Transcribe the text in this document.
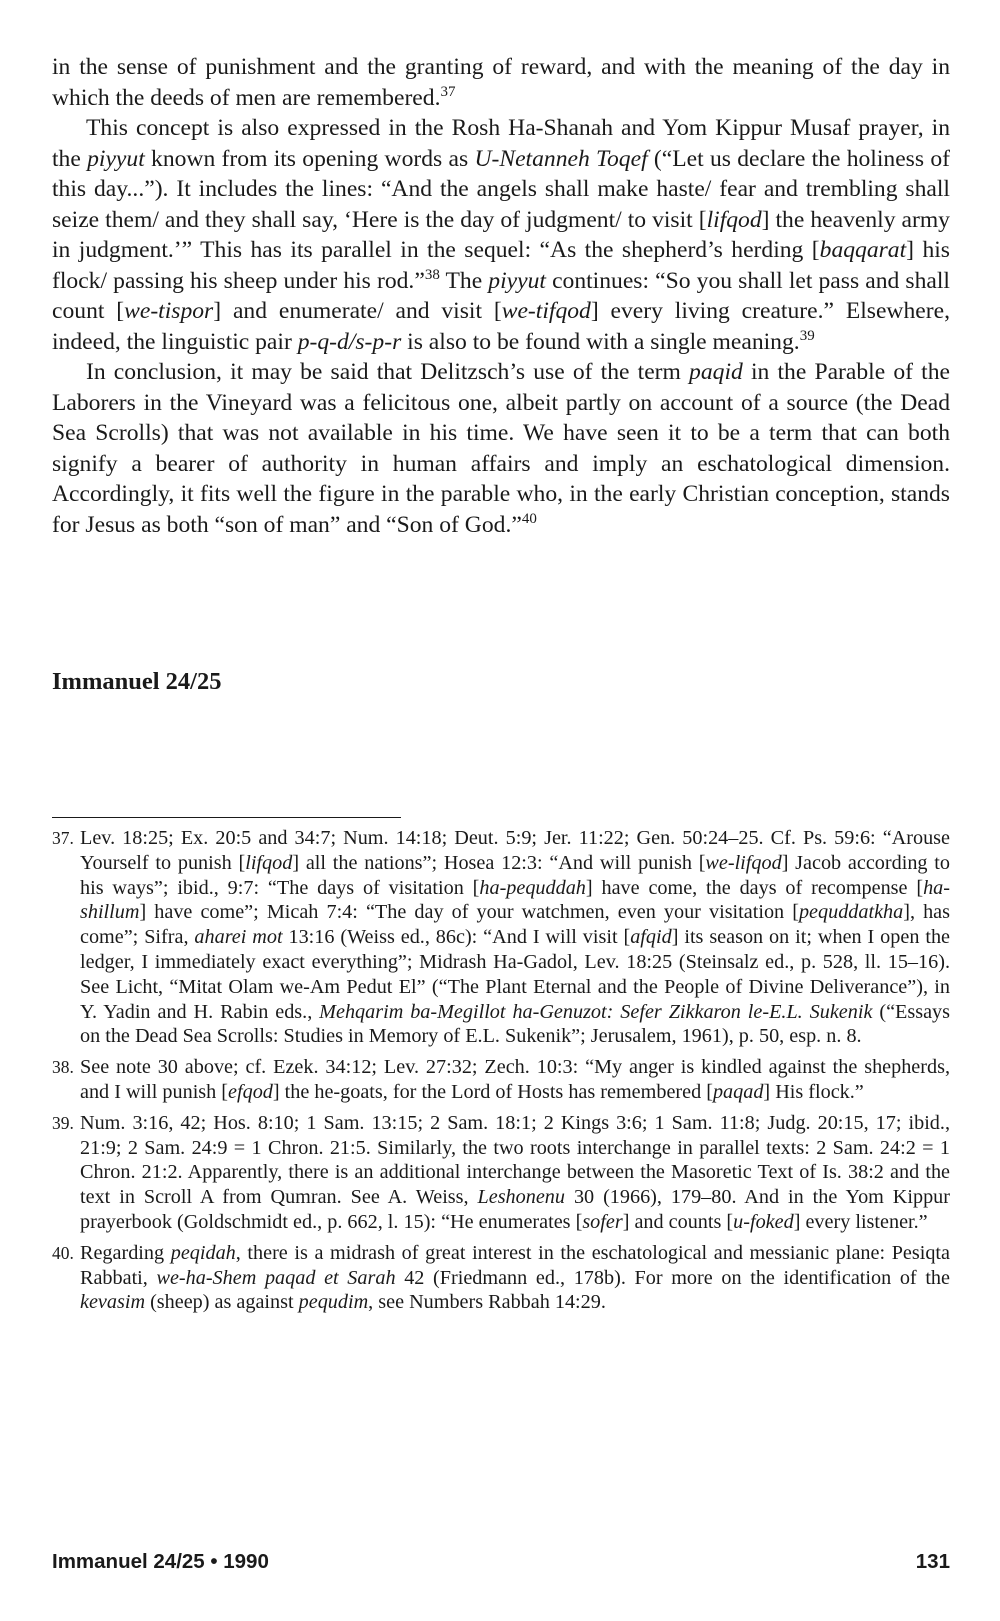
in the sense of punishment and the granting of reward, and with the meaning of the day in which the deeds of men are remembered.$^{37}$

This concept is also expressed in the Rosh Ha-Shanah and Yom Kippur Musaf prayer, in the piyyut known from its opening words as U-Netanneh Toqef (“Let us declare the holiness of this day...”). It includes the lines: “And the angels shall make haste/ fear and trembling shall seize them/ and they shall say, ‘Here is the day of judgment/ to visit [lifqod] the heavenly army in judgment.’” This has its parallel in the sequel: “As the shepherd’s herding [baqqarat] his flock/ passing his sheep under his rod.”$^{38}$ The piyyut continues: “So you shall let pass and shall count [we-tispor] and enumerate/ and visit [we-tifqod] every living creature.” Elsewhere, indeed, the linguistic pair p-q-d/s-p-r is also to be found with a single meaning.$^{39}$

In conclusion, it may be said that Delitzsch’s use of the term paqid in the Parable of the Laborers in the Vineyard was a felicitous one, albeit partly on account of a source (the Dead Sea Scrolls) that was not available in his time. We have seen it to be a term that can both signify a bearer of authority in human affairs and imply an eschatological dimension. Accordingly, it fits well the figure in the parable who, in the early Christian conception, stands for Jesus as both “son of man” and “Son of God.”$^{40}$

Immanuel 24/25
37. Lev. 18:25; Ex. 20:5 and 34:7; Num. 14:18; Deut. 5:9; Jer. 11:22; Gen. 50:24–25. Cf. Ps. 59:6: “Arouse Yourself to punish [lifqod] all the nations”; Hosea 12:3: “And will punish [we-lifqod] Jacob according to his ways”; ibid., 9:7: “The days of visitation [ha-pequddah] have come, the days of recompense [ha-shillum] have come”; Micah 7:4: “The day of your watchmen, even your visitation [pequddatkha], has come”; Sifra, aharei mot 13:16 (Weiss ed., 86c): “And I will visit [afqid] its season on it; when I open the ledger, I immediately exact everything”; Midrash Ha-Gadol, Lev. 18:25 (Steinsalz ed., p. 528, ll. 15–16). See Licht, “Mitat Olam we-Am Pedut El” (“The Plant Eternal and the People of Divine Deliverance”), in Y. Yadin and H. Rabin eds., Mehqarim ba-Megillot ha-Genuzot: Sefer Zikkaron le-E.L. Sukenik (“Essays on the Dead Sea Scrolls: Studies in Memory of E.L. Sukenik”; Jerusalem, 1961), p. 50, esp. n. 8.
38. See note 30 above; cf. Ezek. 34:12; Lev. 27:32; Zech. 10:3: “My anger is kindled against the shepherds, and I will punish [efqod] the he-goats, for the Lord of Hosts has remembered [paqad] His flock.”
39. Num. 3:16, 42; Hos. 8:10; 1 Sam. 13:15; 2 Sam. 18:1; 2 Kings 3:6; 1 Sam. 11:8; Judg. 20:15, 17; ibid., 21:9; 2 Sam. 24:9 = 1 Chron. 21:5. Similarly, the two roots interchange in parallel texts: 2 Sam. 24:2 = 1 Chron. 21:2. Apparently, there is an additional interchange between the Masoretic Text of Is. 38:2 and the text in Scroll A from Qumran. See A. Weiss, Leshonenu 30 (1966), 179–80. And in the Yom Kippur prayerbook (Goldschmidt ed., p. 662, l. 15): “He enumerates [sofer] and counts [u-foked] every listener.”
40. Regarding peqidah, there is a midrash of great interest in the eschatological and messianic plane: Pesiqta Rabbati, we-ha-Shem paqad et Sarah 42 (Friedmann ed., 178b). For more on the identification of the kevasim (sheep) as against pequdim, see Numbers Rabbah 14:29.
Immanuel 24/25 • 1990	131
